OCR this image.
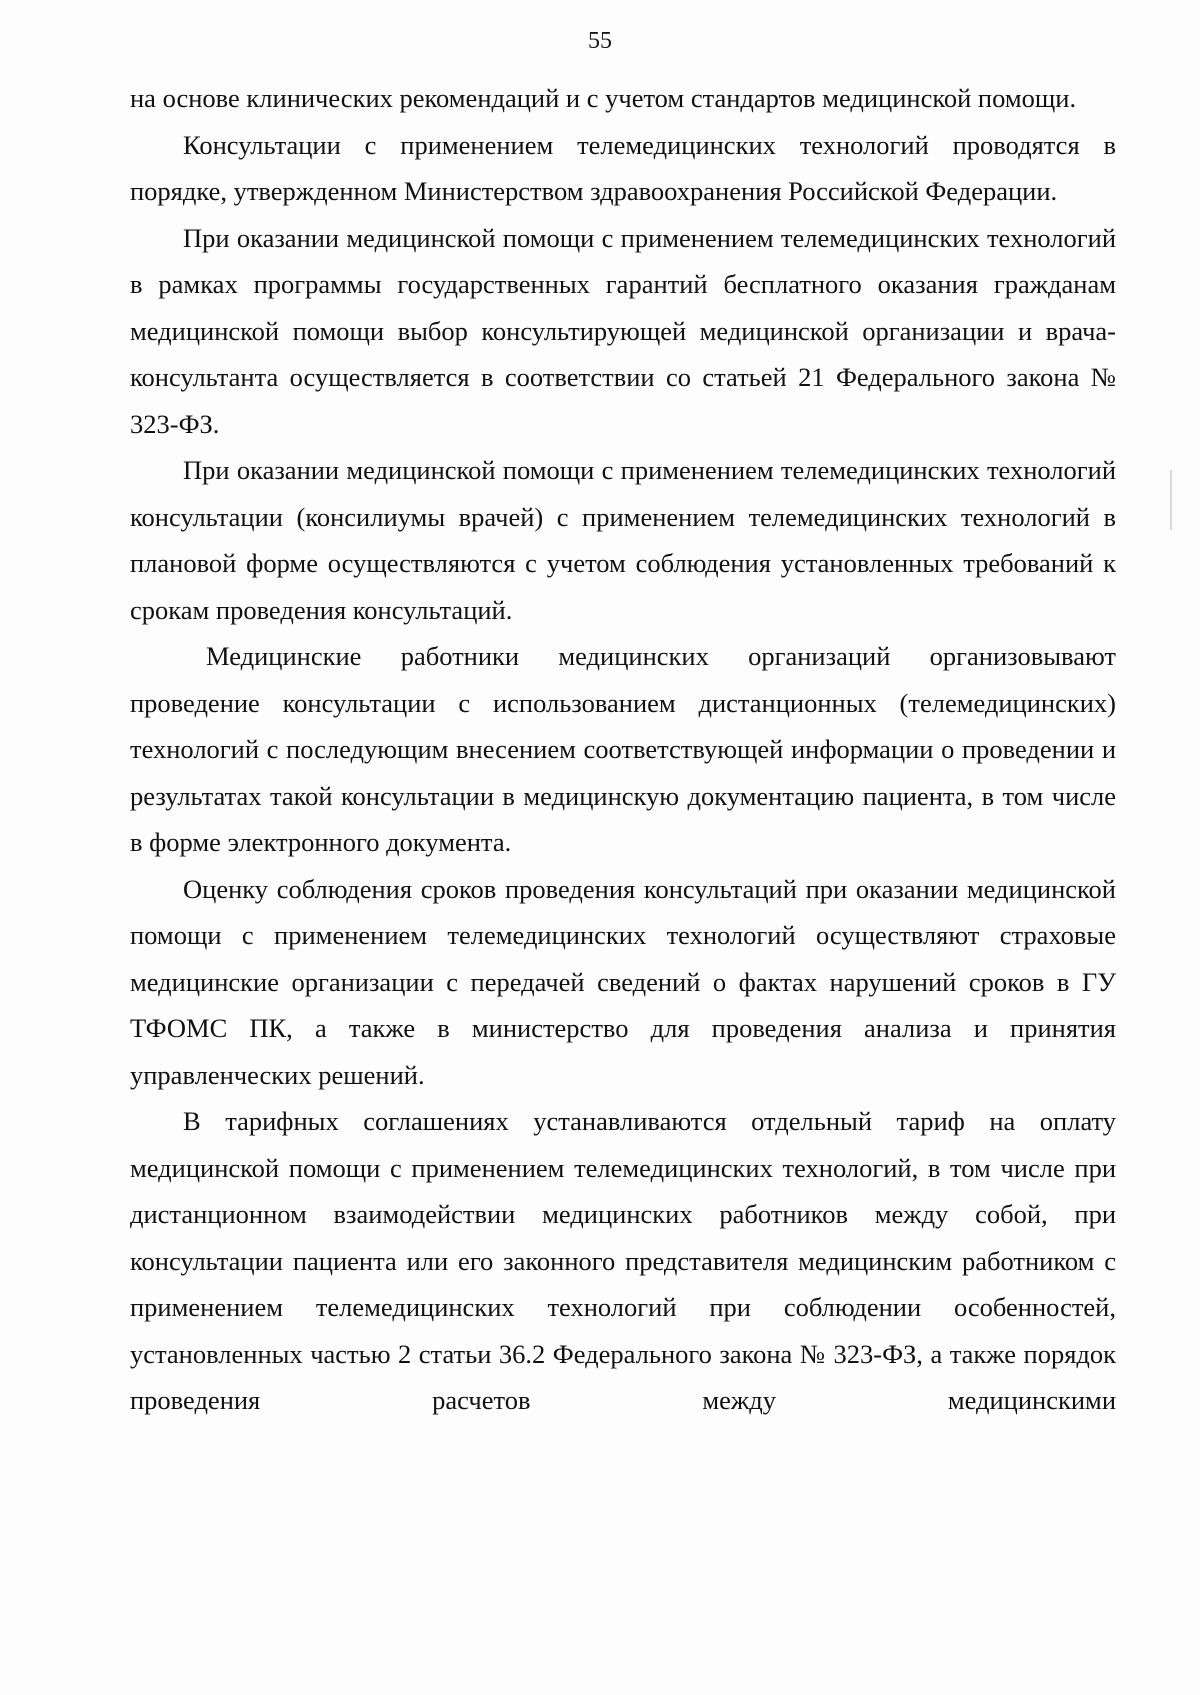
55

на основе клинических рекомендаций и с учетом стандартов медицинской помощи.

Консультации с применением телемедицинских технологий проводятся в порядке, утвержденном Министерством здравоохранения Российской Федерации.

При оказании медицинской помощи с применением телемедицинских технологий в рамках программы государственных гарантий бесплатного оказания гражданам медицинской помощи выбор консультирующей медицинской организации и врача-консультанта осуществляется в соответствии со статьей 21 Федерального закона № 323-ФЗ.

При оказании медицинской помощи с применением телемедицинских технологий консультации (консилиумы врачей) с применением телемедицинских технологий в плановой форме осуществляются с учетом соблюдения установленных требований к срокам проведения консультаций.

Медицинские работники медицинских организаций организовывают проведение консультации с использованием дистанционных (телемедицинских) технологий с последующим внесением соответствующей информации о проведении и результатах такой консультации в медицинскую документацию пациента, в том числе в форме электронного документа.

Оценку соблюдения сроков проведения консультаций при оказании медицинской помощи с применением телемедицинских технологий осуществляют страховые медицинские организации с передачей сведений о фактах нарушений сроков в ГУ ТФОМС ПК, а также в министерство для проведения анализа и принятия управленческих решений.

В тарифных соглашениях устанавливаются отдельный тариф на оплату медицинской помощи с применением телемедицинских технологий, в том числе при дистанционном взаимодействии медицинских работников между собой, при консультации пациента или его законного представителя медицинским работником с применением телемедицинских технологий при соблюдении особенностей, установленных частью 2 статьи 36.2 Федерального закона № 323-ФЗ, а также порядок проведения расчетов между медицинскими
